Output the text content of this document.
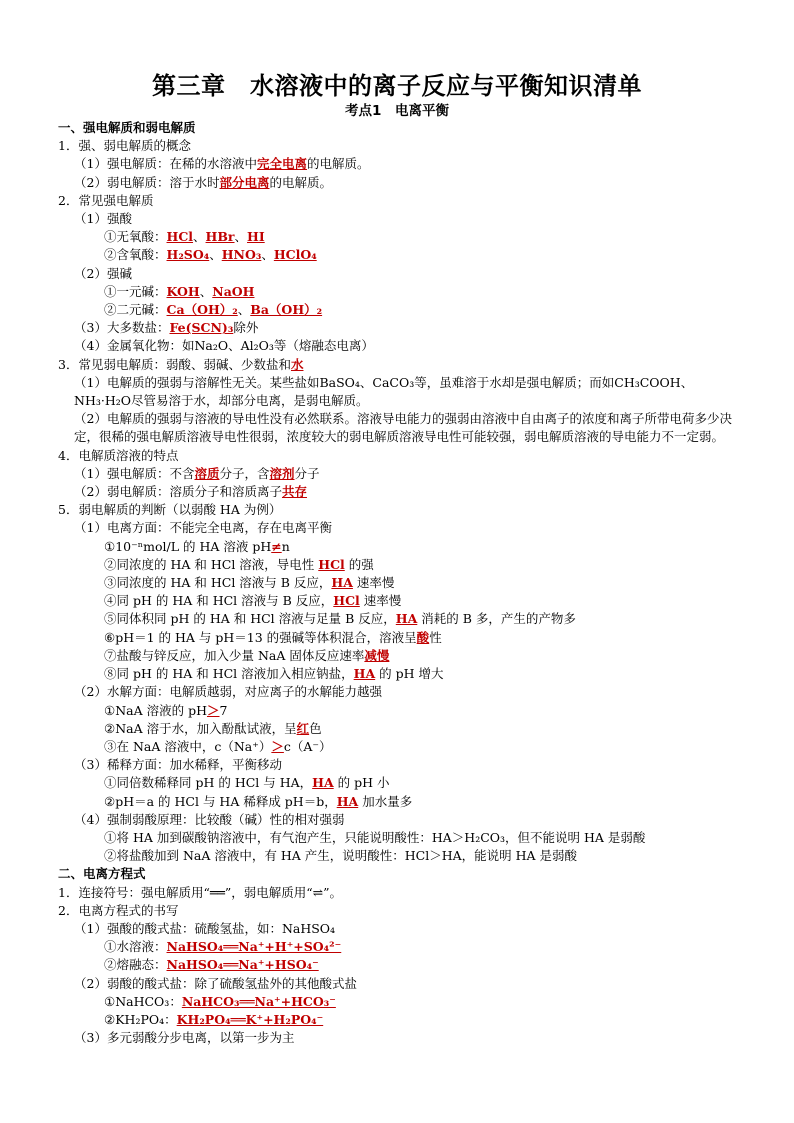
第三章　水溶液中的离子反应与平衡知识清单
考点1　电离平衡
一、强电解质和弱电解质
1．强、弱电解质的概念
（1）强电解质：在稀的水溶液中完全电离的电解质。
（2）弱电解质：溶于水时部分电离的电解质。
2．常见强电解质
（1）强酸
①无氧酸：HCl、HBr、HI
②含氧酸：H₂SO₄、HNO₃、HClO₄
（2）强碱
①一元碱：KOH、NaOH
②二元碱：Ca（OH）₂、Ba（OH）₂
（3）大多数盐：Fe(SCN)₃除外
（4）金属氧化物：如Na₂O、Al₂O₃等（熔融态电离）
3．常见弱电解质：弱酸、弱碱、少数盐和水
（1）电解质的强弱与溶解性无关。某些盐如BaSO₄、CaCO₃等，虽难溶于水却是强电解质；而如CH₃COOH、NH₃·H₂O尽管易溶于水，却部分电离，是弱电解质。
（2）电解质的强弱与溶液的导电性没有必然联系。溶液导电能力的强弱由溶液中自由离子的浓度和离子所带电荷多少决定，很稀的强电解质溶液导电性很弱，浓度较大的弱电解质溶液导电性可能较强，弱电解质溶液的导电能力不一定弱。
4．电解质溶液的特点
（1）强电解质：不含溶质分子，含溶剂分子
（2）弱电解质：溶质分子和溶质离子共存
5．弱电解质的判断（以弱酸 HA 为例）
（1）电离方面：不能完全电离，存在电离平衡
①10⁻ⁿmol/L 的 HA 溶液 pH≠n
②同浓度的 HA 和 HCl 溶液，导电性 HCl 的强
③同浓度的 HA 和 HCl 溶液与 B 反应，HA 速率慢
④同 pH 的 HA 和 HCl 溶液与 B 反应，HCl 速率慢
⑤同体积同 pH 的 HA 和 HCl 溶液与足量 B 反应，HA 消耗的 B 多，产生的产物多
⑥pH＝1 的 HA 与 pH＝13 的强碱等体积混合，溶液呈酸性
⑦盐酸与锌反应，加入少量 NaA 固体反应速率减慢
⑧同 pH 的 HA 和 HCl 溶液加入相应钠盐，HA 的 pH 增大
（2）水解方面：电解质越弱，对应离子的水解能力越强
①NaA 溶液的 pH＞7
②NaA 溶于水，加入酚酞试液，呈红色
③在 NaA 溶液中，c（Na⁺）＞c（A⁻）
（3）稀释方面：加水稀释，平衡移动
①同倍数稀释同 pH 的 HCl 与 HA，HA 的 pH 小
②pH＝a 的 HCl 与 HA 稀释成 pH＝b，HA 加水量多
（4）强制弱酸原理：比较酸（碱）性的相对强弱
①将 HA 加到碳酸钠溶液中，有气泡产生，只能说明酸性：HA＞H₂CO₃，但不能说明 HA 是弱酸
②将盐酸加到 NaA 溶液中，有 HA 产生，说明酸性：HCl＞HA，能说明 HA 是弱酸
二、电离方程式
1．连接符号：强电解质用“══”，弱电解质用“⇌”。
2．电离方程式的书写
（1）强酸的酸式盐：硫酸氢盐，如：NaHSO₄
①水溶液：NaHSO₄══Na⁺+H⁺+SO₄²⁻
②熔融态：NaHSO₄══Na⁺+HSO₄⁻
（2）弱酸的酸式盐：除了硫酸氢盐外的其他酸式盐
①NaHCO₃：NaHCO₃══Na⁺+HCO₃⁻
②KH₂PO₄：KH₂PO₄══K⁺+H₂PO₄⁻
（3）多元弱酸分步电离，以第一步为主
